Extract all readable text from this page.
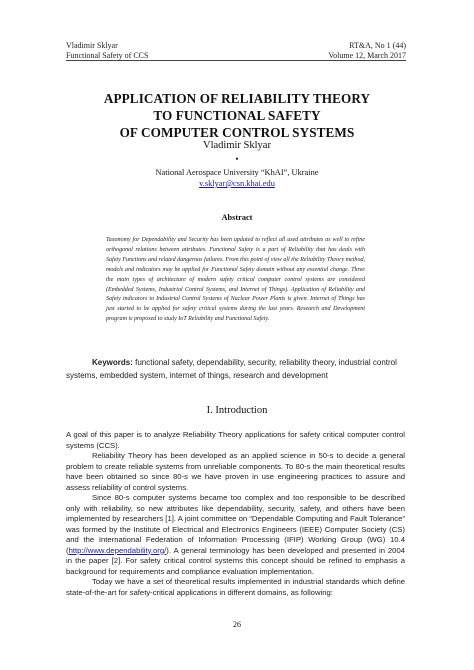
Vladimir Sklyar	RT&A, No 1 (44)
Functional Safety of CCS	Volume 12, March 2017
APPLICATION OF RELIABILITY THEORY
TO FUNCTIONAL SAFETY
OF COMPUTER CONTROL SYSTEMS
Vladimir Sklyar
•
National Aerospace University “KhAI”, Ukraine
v.sklyar@csn.khai.edu
Abstract
Taxonomy for Dependability and Security has been updated to reflect all used attributes as well to refine orthogonal relations between attributes. Functional Safety is a part of Reliability that has deals with Safety Functions and related dangerous failures. From this point of view all the Reliability Theory method, models and indicators may be applied for Functional Safety domain without any essential change. Three the main types of architecture of modern safety critical computer control systems are considered (Embedded Systems, Industrial Control Systems, and Internet of Things). Application of Reliability and Safety indicators to Industrial Control Systems of Nuclear Power Plants is given. Internet of Things has just started to be applied for safety critical systems during the last years. Research and Development program is proposed to study IoT Reliability and Functional Safety.
Keywords: functional safety, dependability, security, reliability theory, industrial control systems, embedded system, internet of things, research and development
I. Introduction

A goal of this paper is to analyze Reliability Theory applications for safety critical computer control systems (CCS).

Reliability Theory has been developed as an applied science in 50-s to decide a general problem to create reliable systems from unreliable components. To 80-s the main theoretical results have been obtained so since 80-s we have proven in use engineering practices to assure and assess reliability of control systems.

Since 80-s computer systems became too complex and too responsible to be described only with reliability, so new attributes like dependability, security, safety, and others have been implemented by researchers [1]. A joint committee on “Dependable Computing and Fault Tolerance” was formed by the Institute of Electrical and Electronics Engineers (IEEE) Computer Society (CS) and the International Federation of Information Processing (IFIP) Working Group (WG) 10.4 (http://www.dependability.org/). A general terminology has been developed and presented in 2004 in the paper [2]. For safety critical control systems this concept should be refined to emphasis a background for requirements and compliance evaluation implementation.

Today we have a set of theoretical results implemented in industrial standards which define state-of-the-art for safety-critical applications in different domains, as following:

26
